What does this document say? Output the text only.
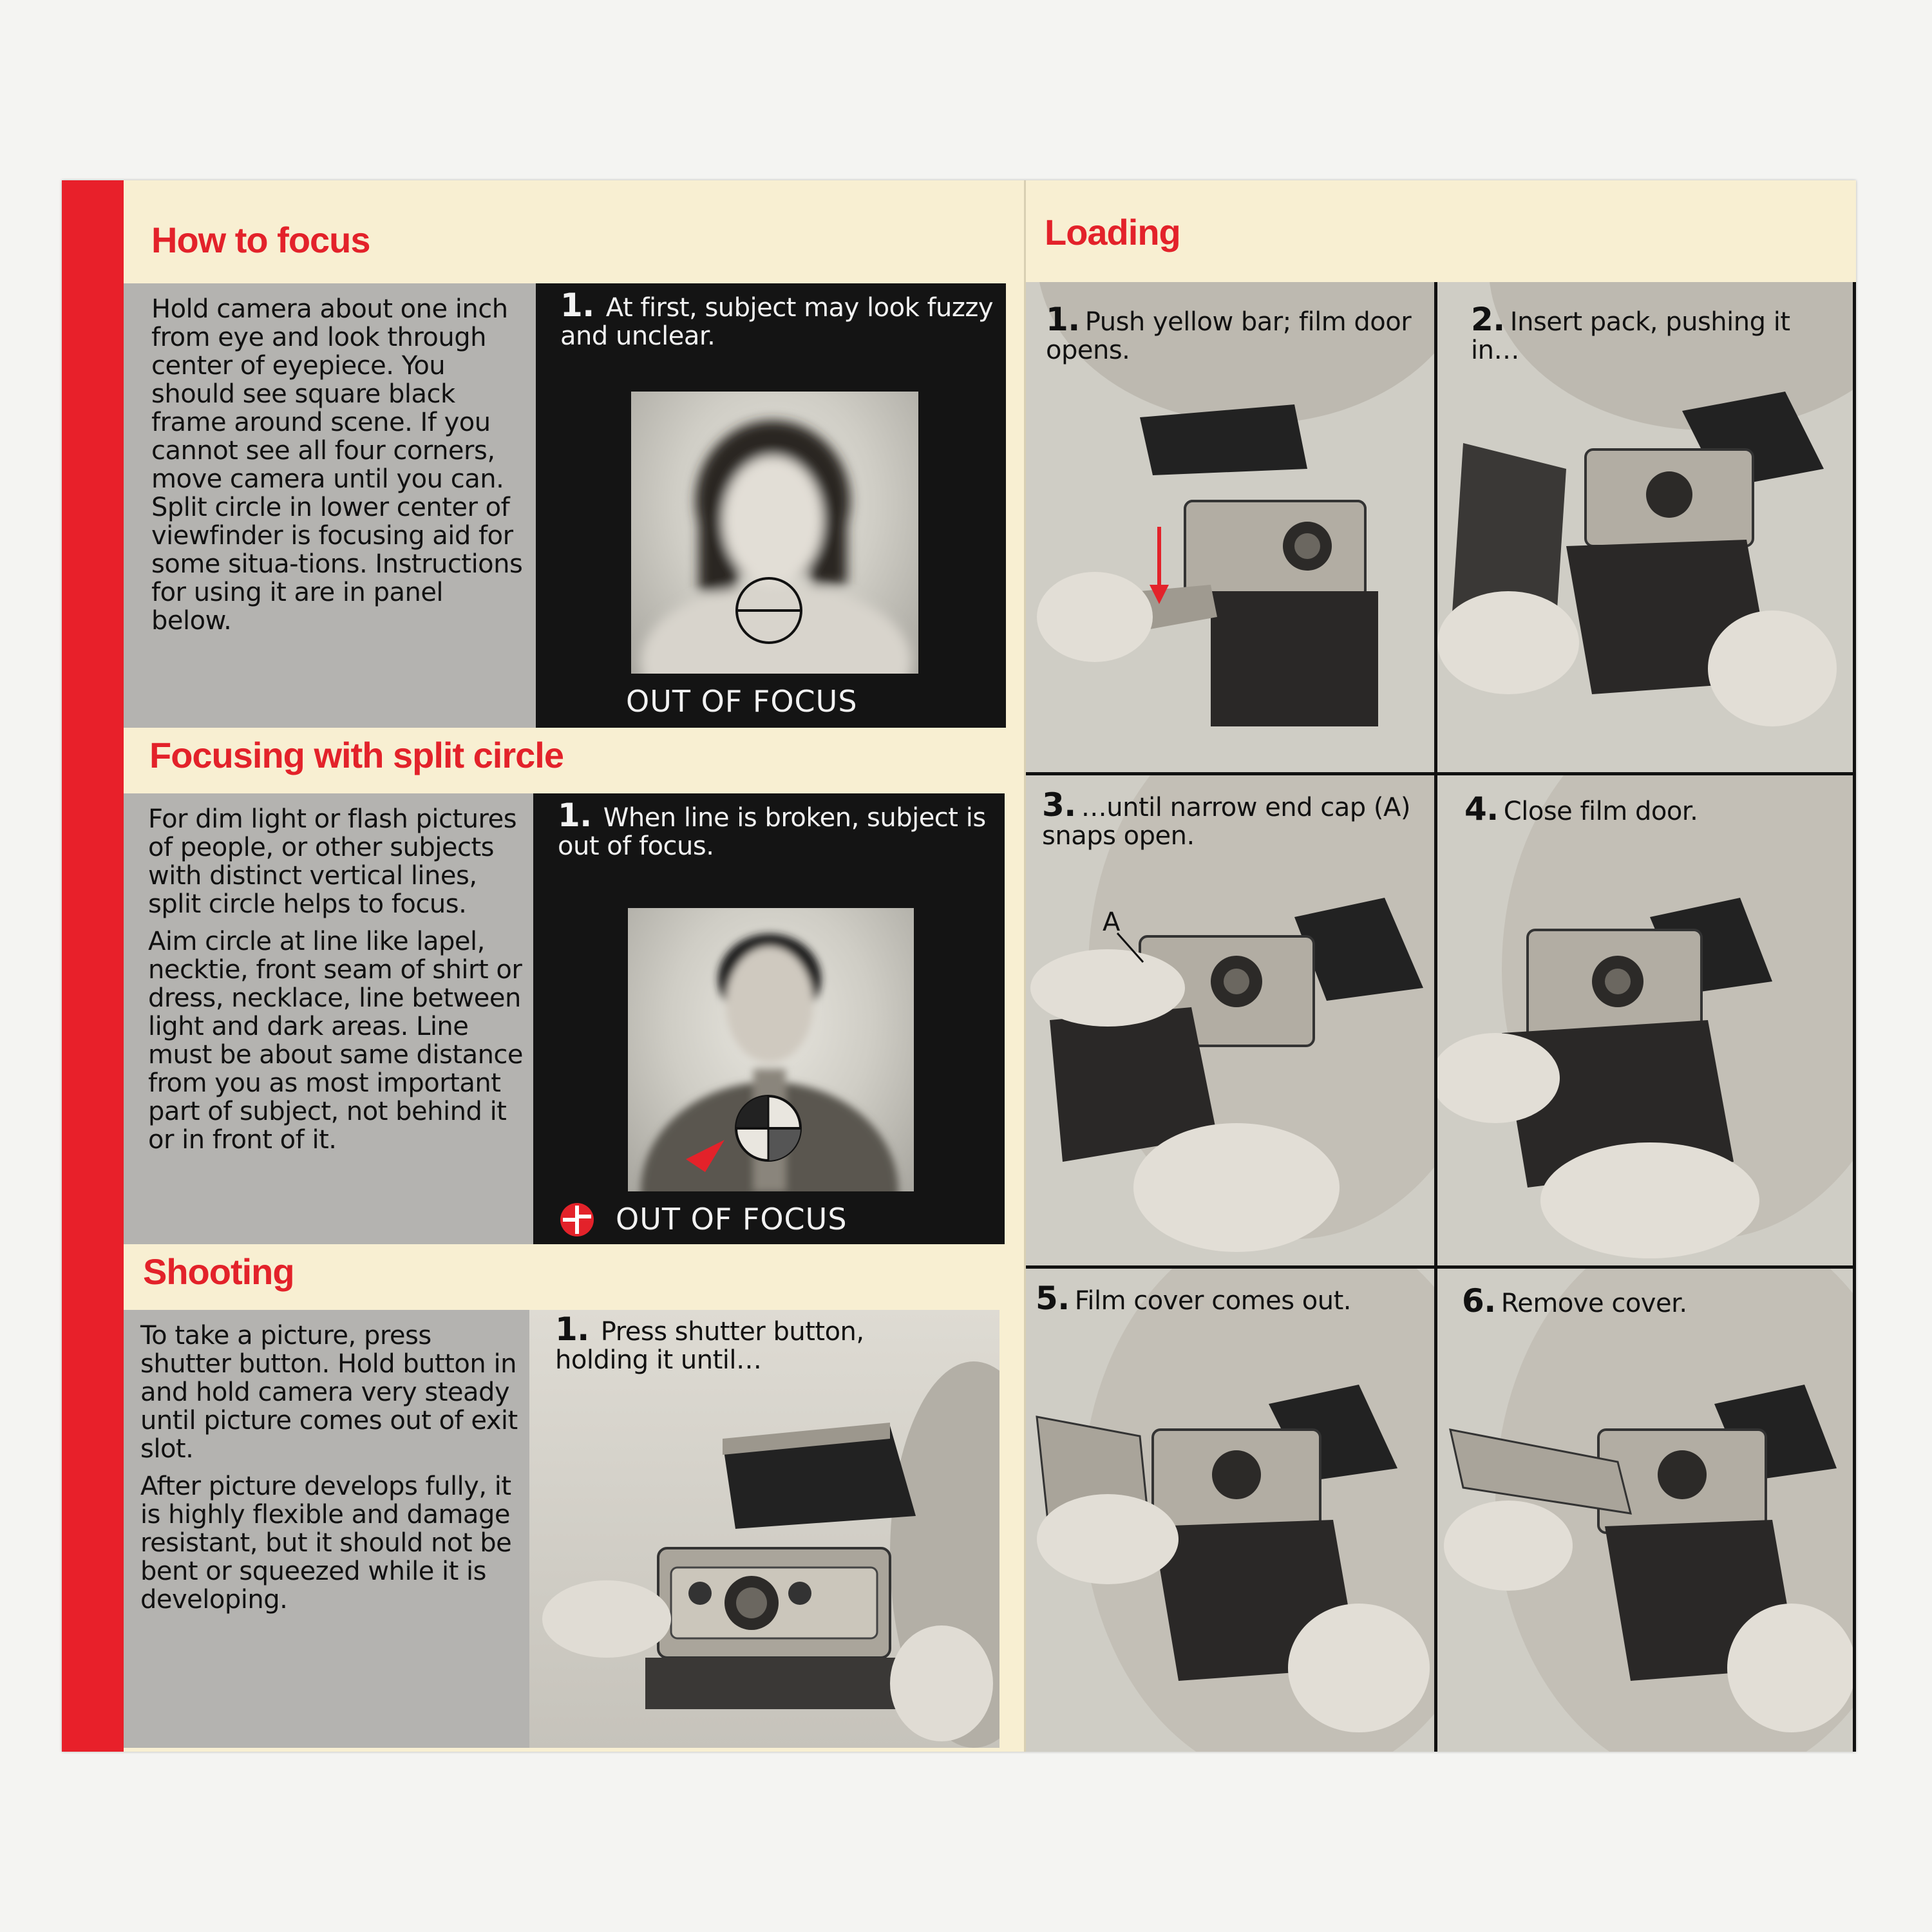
How to focus

Hold camera about one inch from eye and look through center of eyepiece. You should see square black frame around scene. If you cannot see all four corners, move camera until you can. Split circle in lower center of viewfinder is focusing aid for some situa-tions. Instructions for using it are in panel below.

1. At first, subject may look fuzzy and unclear.
OUT OF FOCUS
Focusing with split circle

For dim light or flash pictures of people, or other subjects with distinct vertical lines, split circle helps to focus.

Aim circle at line like lapel, necktie, front seam of shirt or dress, necklace, line between light and dark areas. Line must be about same distance from you as most important part of subject, not behind it or in front of it.

1. When line is broken, subject is out of focus.
OUT OF FOCUS
Shooting

To take a picture, press shutter button. Hold button in and hold camera very steady until picture comes out of exit slot.

After picture develops fully, it is highly flexible and damage resistant, but it should not be bent or squeezed while it is developing.

1. Press shutter button, holding it until…
Loading
1. Push yellow bar; film door opens.
2. Insert pack, pushing it in…
3. …until narrow end cap (A) snaps open.
A
4. Close film door.
5. Film cover comes out.	6. Remove cover.
